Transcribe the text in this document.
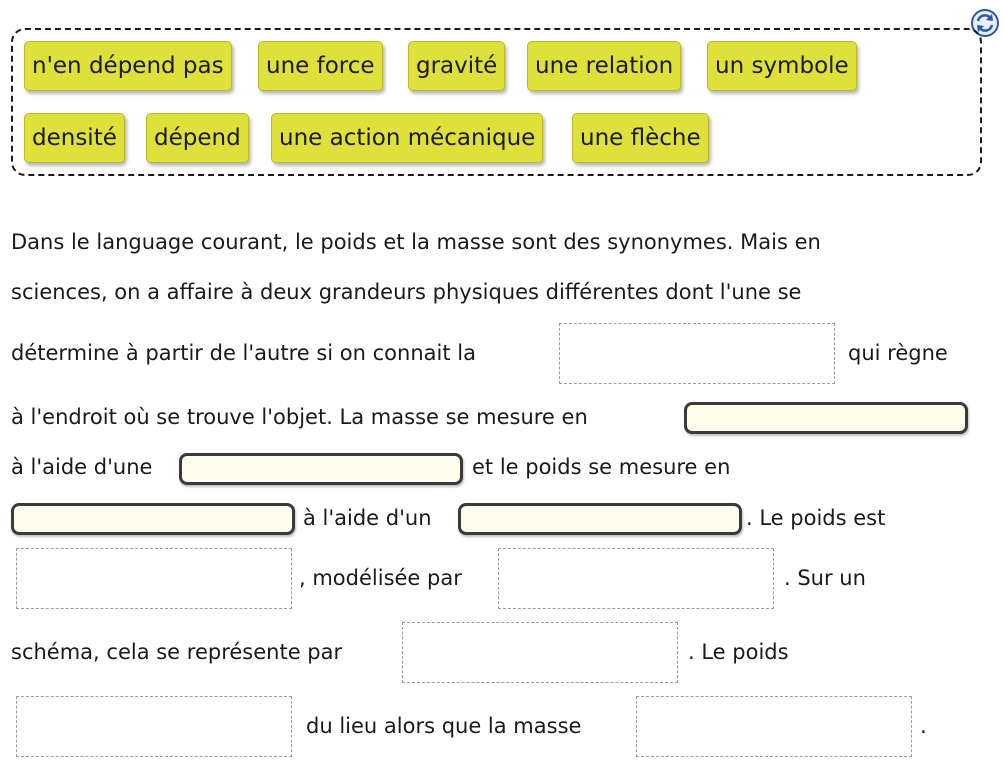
n'en dépend pas	une force	gravité	une relation	un symbole
densité	dépend	une action mécanique	une flèche
Dans le language courant, le poids et la masse sont des synonymes. Mais en
sciences, on a affaire à deux grandeurs physiques différentes dont l'une se
détermine à partir de l'autre si on connait la	qui règne
à l'endroit où se trouve l'objet. La masse se mesure en
à l'aide d'une	et le poids se mesure en
à l'aide d'un	. Le poids est
, modélisée par	. Sur un
schéma, cela se représente par	. Le poids
du lieu alors que la masse	.
